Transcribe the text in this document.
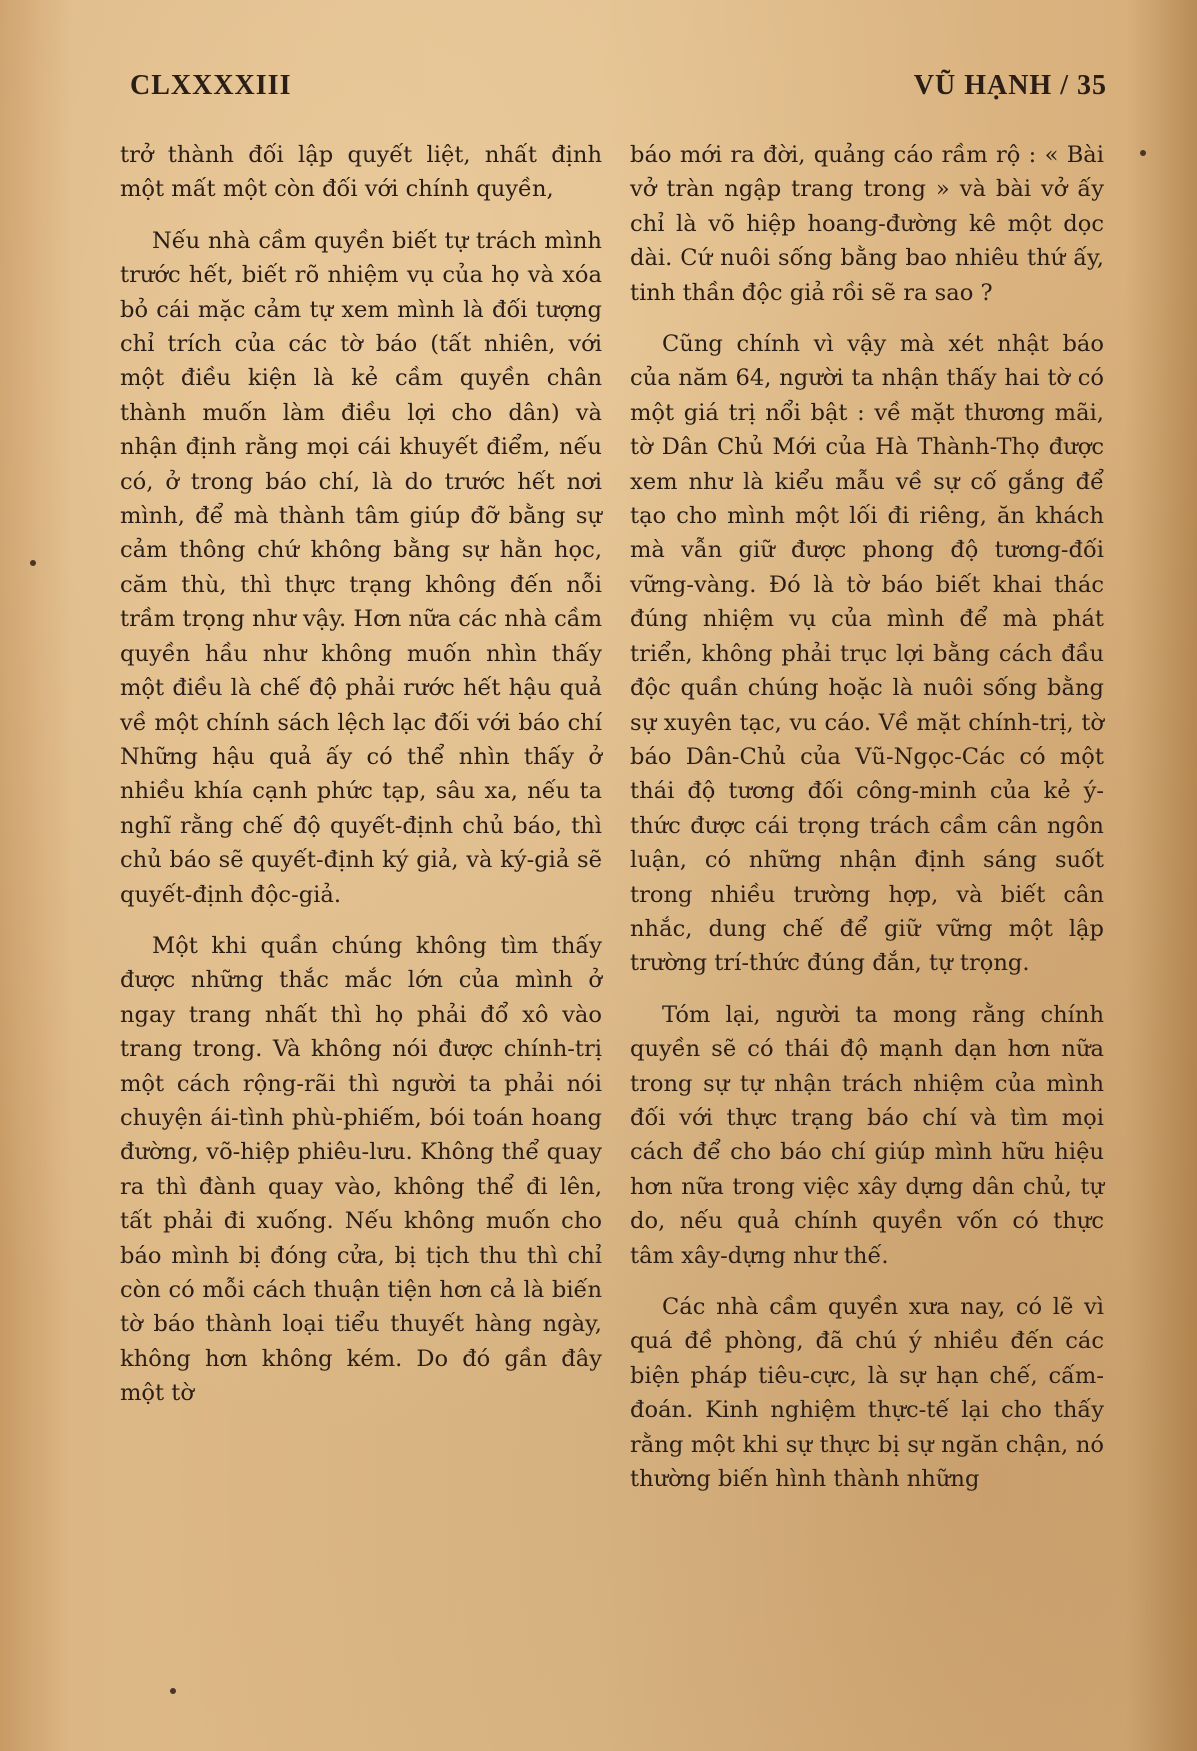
CLXXXXIII	VŨ HẠNH / 35

trở thành đối lập quyết liệt, nhất định một mất một còn đối với chính quyền,

Nếu nhà cầm quyền biết tự trách mình trước hết, biết rõ nhiệm vụ của họ và xóa bỏ cái mặc cảm tự xem mình là đối tượng chỉ trích của các tờ báo (tất nhiên, với một điều kiện là kẻ cầm quyền chân thành muốn làm điều lợi cho dân) và nhận định rằng mọi cái khuyết điểm, nếu có, ở trong báo chí, là do trước hết nơi mình, để mà thành tâm giúp đỡ bằng sự cảm thông chứ không bằng sự hằn học, căm thù, thì thực trạng không đến nỗi trầm trọng như vậy. Hơn nữa các nhà cầm quyền hầu như không muốn nhìn thấy một điều là chế độ phải rước hết hậu quả về một chính sách lệch lạc đối với báo chí Những hậu quả ấy có thể nhìn thấy ở nhiều khía cạnh phức tạp, sâu xa, nếu ta nghĩ rằng chế độ quyết-định chủ báo, thì chủ báo sẽ quyết-định ký giả, và ký-giả sẽ quyết-định độc-giả.

Một khi quần chúng không tìm thấy được những thắc mắc lớn của mình ở ngay trang nhất thì họ phải đổ xô vào trang trong. Và không nói được chính-trị một cách rộng-rãi thì người ta phải nói chuyện ái-tình phù-phiếm, bói toán hoang đường, võ-hiệp phiêu-lưu. Không thể quay ra thì đành quay vào, không thể đi lên, tất phải đi xuống. Nếu không muốn cho báo mình bị đóng cửa, bị tịch thu thì chỉ còn có mỗi cách thuận tiện hơn cả là biến tờ báo thành loại tiểu thuyết hàng ngày, không hơn không kém. Do đó gần đây một tờ

báo mới ra đời, quảng cáo rầm rộ : « Bài vở tràn ngập trang trong » và bài vở ấy chỉ là võ hiệp hoang-đường kê một dọc dài. Cứ nuôi sống bằng bao nhiêu thứ ấy, tinh thần độc giả rồi sẽ ra sao ?

Cũng chính vì vậy mà xét nhật báo của năm 64, người ta nhận thấy hai tờ có một giá trị nổi bật : về mặt thương mãi, tờ Dân Chủ Mới của Hà Thành-Thọ được xem như là kiểu mẫu về sự cố gắng để tạo cho mình một lối đi riêng, ăn khách mà vẫn giữ được phong độ tương-đối vững-vàng. Đó là tờ báo biết khai thác đúng nhiệm vụ của mình để mà phát triển, không phải trục lợi bằng cách đầu độc quần chúng hoặc là nuôi sống bằng sự xuyên tạc, vu cáo. Về mặt chính-trị, tờ báo Dân-Chủ của Vũ-Ngọc-Các có một thái độ tương đối công-minh của kẻ ý-thức được cái trọng trách cầm cân ngôn luận, có những nhận định sáng suốt trong nhiều trường hợp, và biết cân nhắc, dung chế để giữ vững một lập trường trí-thức đúng đắn, tự trọng.

Tóm lại, người ta mong rằng chính quyền sẽ có thái độ mạnh dạn hơn nữa trong sự tự nhận trách nhiệm của mình đối với thực trạng báo chí và tìm mọi cách để cho báo chí giúp mình hữu hiệu hơn nữa trong việc xây dựng dân chủ, tự do, nếu quả chính quyền vốn có thực tâm xây-dựng như thế.

Các nhà cầm quyền xưa nay, có lẽ vì quá đề phòng, đã chú ý nhiều đến các biện pháp tiêu-cực, là sự hạn chế, cấm-đoán. Kinh nghiệm thực-tế lại cho thấy rằng một khi sự thực bị sự ngăn chận, nó thường biến hình thành những
